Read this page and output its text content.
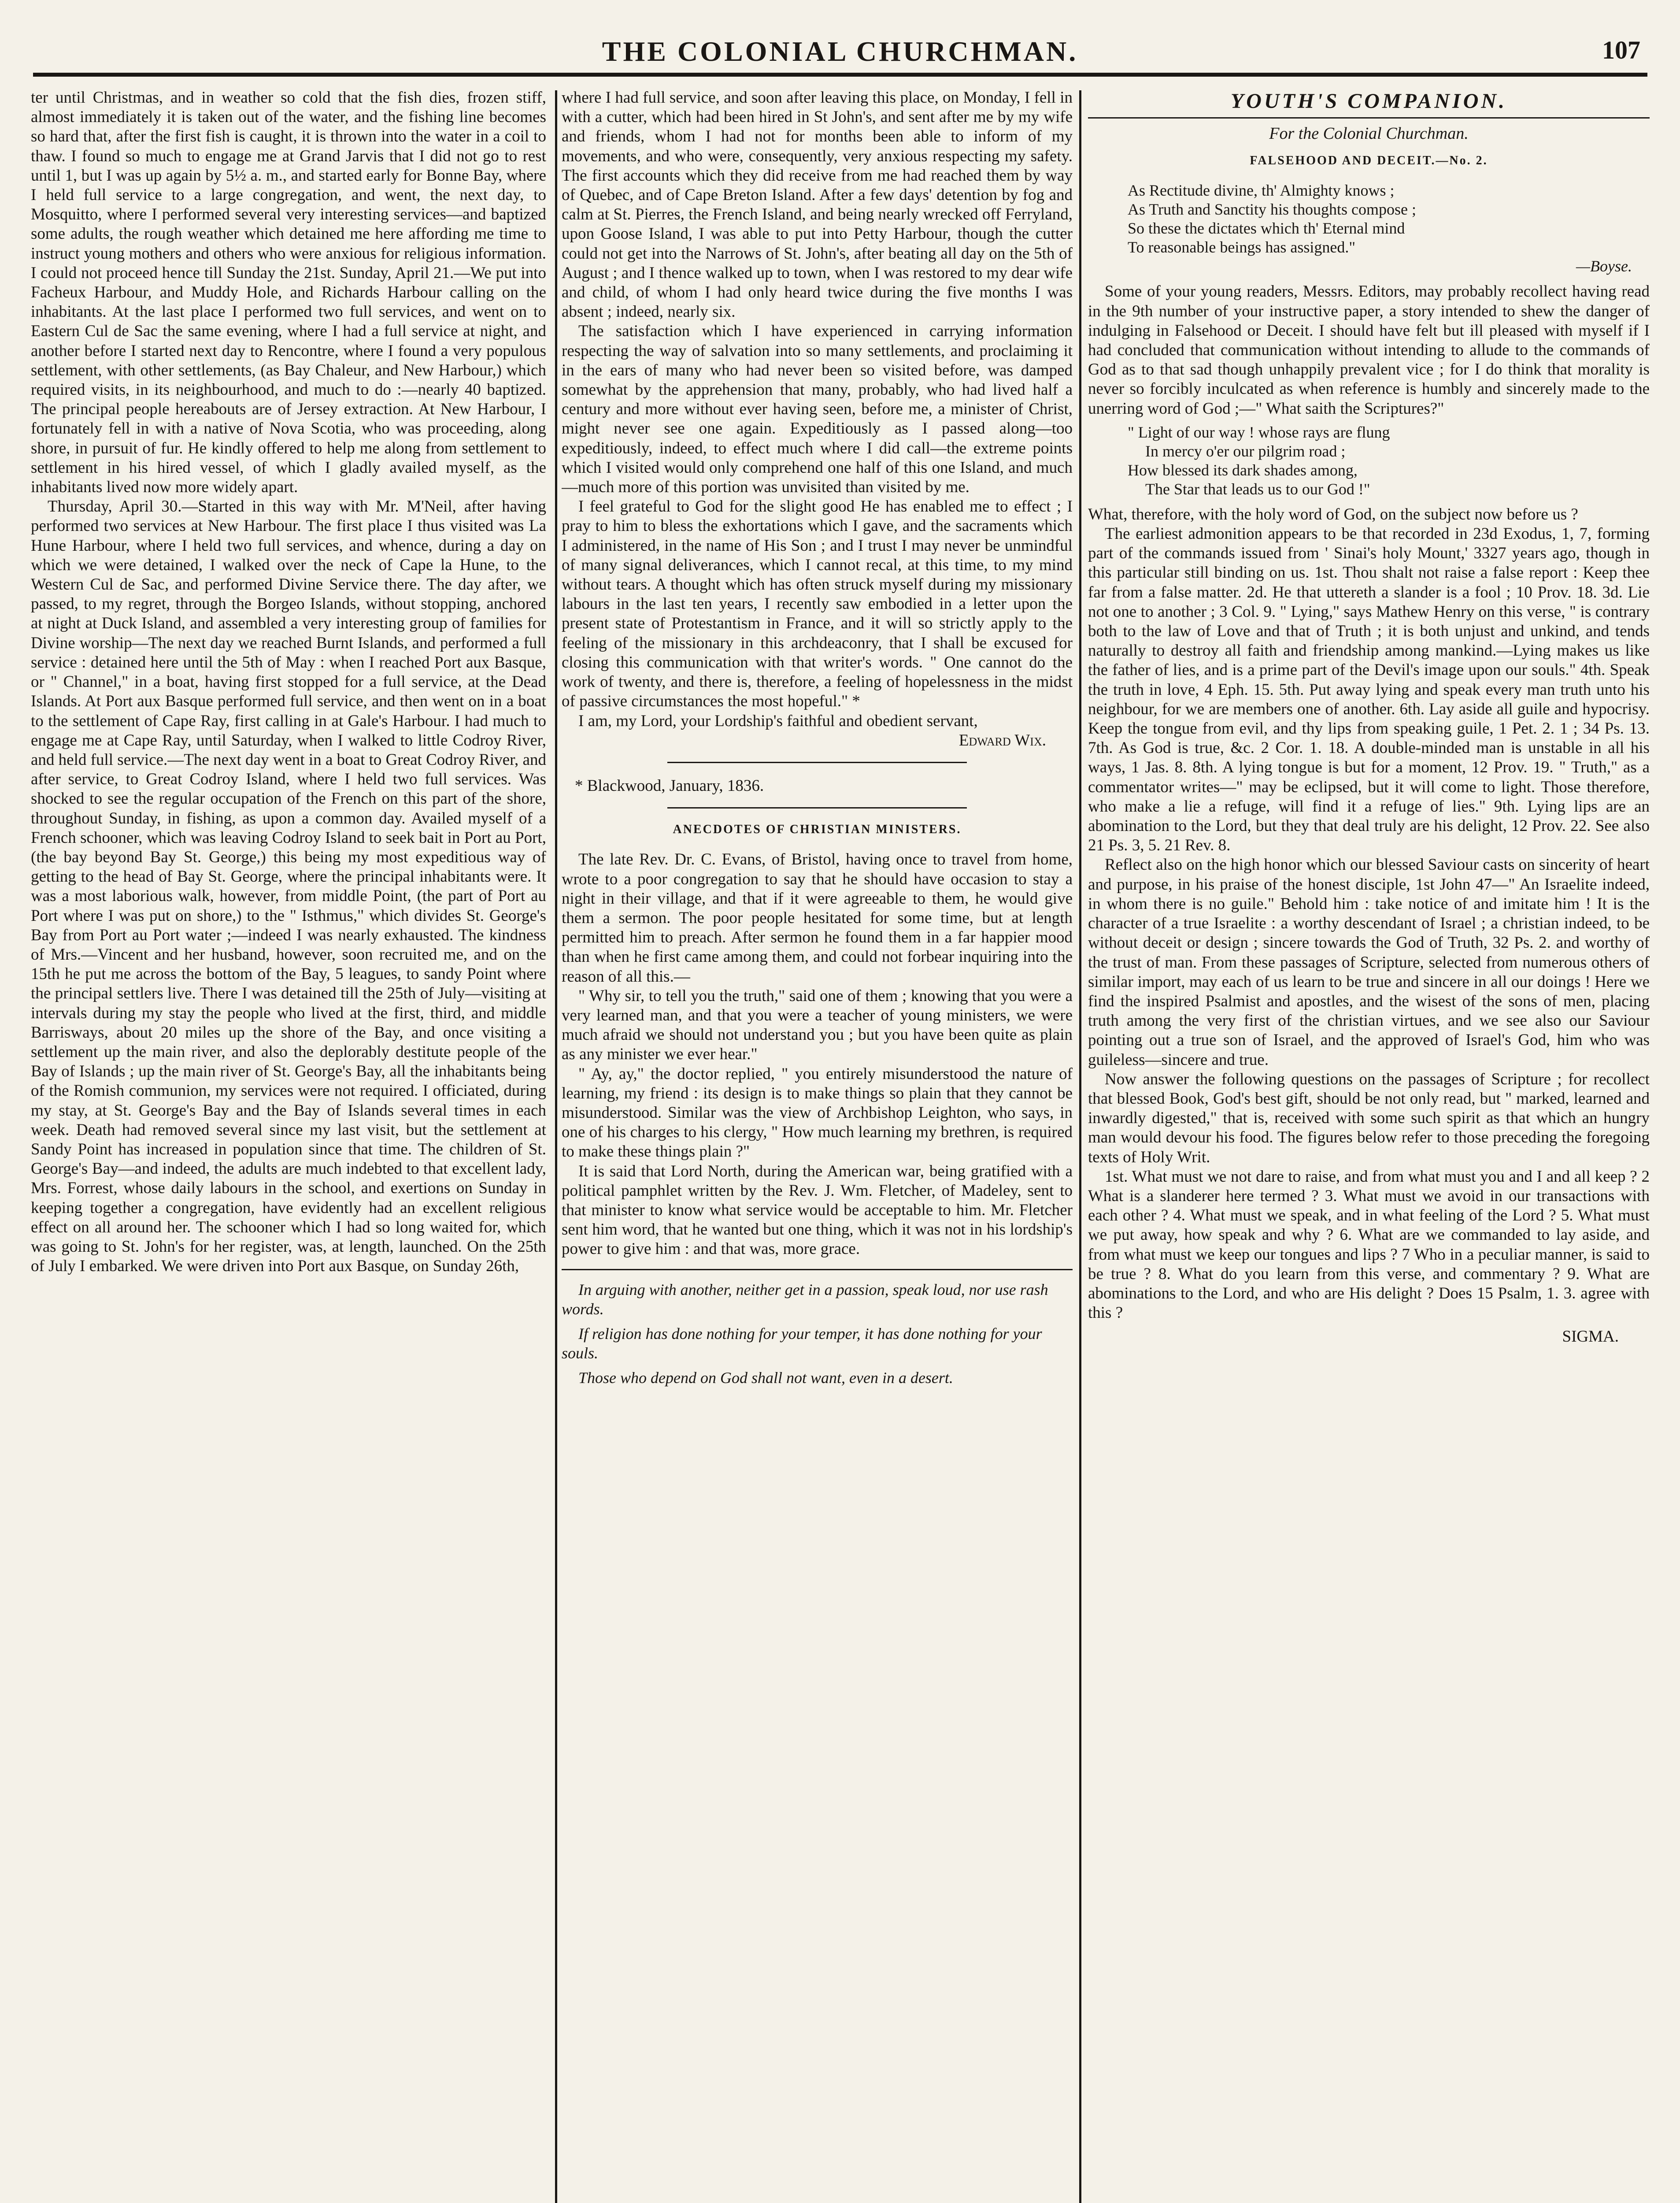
THE COLONIAL CHURCHMAN.	107

ter until Christmas, and in weather so cold that the fish dies, frozen stiff, almost immediately it is taken out of the water, and the fishing line becomes so hard that, after the first fish is caught, it is thrown into the water in a coil to thaw. I found so much to engage me at Grand Jarvis that I did not go to rest until 1, but I was up again by 5½ a. m., and started early for Bonne Bay, where I held full service to a large congregation, and went, the next day, to Mosquitto, where I performed several very interesting services—and baptized some adults, the rough weather which detained me here affording me time to instruct young mothers and others who were anxious for religious information. I could not proceed hence till Sunday the 21st. Sunday, April 21.—We put into Facheux Harbour, and Muddy Hole, and Richards Harbour calling on the inhabitants. At the last place I performed two full services, and went on to Eastern Cul de Sac the same evening, where I had a full service at night, and another before I started next day to Rencontre, where I found a very populous settlement, with other settlements, (as Bay Chaleur, and New Harbour,) which required visits, in its neighbourhood, and much to do :—nearly 40 baptized. The principal people hereabouts are of Jersey extraction. At New Harbour, I fortunately fell in with a native of Nova Scotia, who was proceeding, along shore, in pursuit of fur. He kindly offered to help me along from settlement to settlement in his hired vessel, of which I gladly availed myself, as the inhabitants lived now more widely apart.

Thursday, April 30.—Started in this way with Mr. M'Neil, after having performed two services at New Harbour. The first place I thus visited was La Hune Harbour, where I held two full services, and whence, during a day on which we were detained, I walked over the neck of Cape la Hune, to the Western Cul de Sac, and performed Divine Service there. The day after, we passed, to my regret, through the Borgeo Islands, without stopping, anchored at night at Duck Island, and assembled a very interesting group of families for Divine worship—The next day we reached Burnt Islands, and performed a full service : detained here until the 5th of May : when I reached Port aux Basque, or " Channel," in a boat, having first stopped for a full service, at the Dead Islands. At Port aux Basque performed full service, and then went on in a boat to the settlement of Cape Ray, first calling in at Gale's Harbour. I had much to engage me at Cape Ray, until Saturday, when I walked to little Codroy River, and held full service.—The next day went in a boat to Great Codroy River, and after service, to Great Codroy Island, where I held two full services. Was shocked to see the regular occupation of the French on this part of the shore, throughout Sunday, in fishing, as upon a common day. Availed myself of a French schooner, which was leaving Codroy Island to seek bait in Port au Port, (the bay beyond Bay St. George,) this being my most expeditious way of getting to the head of Bay St. George, where the principal inhabitants were. It was a most laborious walk, however, from middle Point, (the part of Port au Port where I was put on shore,) to the " Isthmus," which divides St. George's Bay from Port au Port water ;—indeed I was nearly exhausted. The kindness of Mrs.—Vincent and her husband, however, soon recruited me, and on the 15th he put me across the bottom of the Bay, 5 leagues, to sandy Point where the principal settlers live. There I was detained till the 25th of July—visiting at intervals during my stay the people who lived at the first, third, and middle Barrisways, about 20 miles up the shore of the Bay, and once visiting a settlement up the main river, and also the deplorably destitute people of the Bay of Islands ; up the main river of St. George's Bay, all the inhabitants being of the Romish communion, my services were not required. I officiated, during my stay, at St. George's Bay and the Bay of Islands several times in each week. Death had removed several since my last visit, but the settlement at Sandy Point has increased in population since that time. The children of St. George's Bay—and indeed, the adults are much indebted to that excellent lady, Mrs. Forrest, whose daily labours in the school, and exertions on Sunday in keeping together a congregation, have evidently had an excellent religious effect on all around her. The schooner which I had so long waited for, which was going to St. John's for her register, was, at length, launched. On the 25th of July I embarked. We were driven into Port aux Basque, on Sunday 26th,

where I had full service, and soon after leaving this place, on Monday, I fell in with a cutter, which had been hired in St John's, and sent after me by my wife and friends, whom I had not for months been able to inform of my movements, and who were, consequently, very anxious respecting my safety. The first accounts which they did receive from me had reached them by way of Quebec, and of Cape Breton Island. After a few days' detention by fog and calm at St. Pierres, the French Island, and being nearly wrecked off Ferryland, upon Goose Island, I was able to put into Petty Harbour, though the cutter could not get into the Narrows of St. John's, after beating all day on the 5th of August ; and I thence walked up to town, when I was restored to my dear wife and child, of whom I had only heard twice during the five months I was absent ; indeed, nearly six.

The satisfaction which I have experienced in carrying information respecting the way of salvation into so many settlements, and proclaiming it in the ears of many who had never been so visited before, was damped somewhat by the apprehension that many, probably, who had lived half a century and more without ever having seen, before me, a minister of Christ, might never see one again. Expeditiously as I passed along—too expeditiously, indeed, to effect much where I did call—the extreme points which I visited would only comprehend one half of this one Island, and much—much more of this portion was unvisited than visited by me.

I feel grateful to God for the slight good He has enabled me to effect ; I pray to him to bless the exhortations which I gave, and the sacraments which I administered, in the name of His Son ; and I trust I may never be unmindful of many signal deliverances, which I cannot recal, at this time, to my mind without tears. A thought which has often struck myself during my missionary labours in the last ten years, I recently saw embodied in a letter upon the present state of Protestantism in France, and it will so strictly apply to the feeling of the missionary in this archdeaconry, that I shall be excused for closing this communication with that writer's words. " One cannot do the work of twenty, and there is, therefore, a feeling of hopelessness in the midst of passive circumstances the most hopeful." *

I am, my Lord, your Lordship's faithful and obedient servant,

Edward Wix.

* Blackwood, January, 1836.

ANECDOTES OF CHRISTIAN MINISTERS.

The late Rev. Dr. C. Evans, of Bristol, having once to travel from home, wrote to a poor congregation to say that he should have occasion to stay a night in their village, and that if it were agreeable to them, he would give them a sermon. The poor people hesitated for some time, but at length permitted him to preach. After sermon he found them in a far happier mood than when he first came among them, and could not forbear inquiring into the reason of all this.—

" Why sir, to tell you the truth," said one of them ; knowing that you were a very learned man, and that you were a teacher of young ministers, we were much afraid we should not understand you ; but you have been quite as plain as any minister we ever hear."

" Ay, ay," the doctor replied, " you entirely misunderstood the nature of learning, my friend : its design is to make things so plain that they cannot be misunderstood. Similar was the view of Archbishop Leighton, who says, in one of his charges to his clergy, " How much learning my brethren, is required to make these things plain ?"

It is said that Lord North, during the American war, being gratified with a political pamphlet written by the Rev. J. Wm. Fletcher, of Madeley, sent to that minister to know what service would be acceptable to him. Mr. Fletcher sent him word, that he wanted but one thing, which it was not in his lordship's power to give him : and that was, more grace.

In arguing with another, neither get in a passion, speak loud, nor use rash words.

If religion has done nothing for your temper, it has done nothing for your souls.

Those who depend on God shall not want, even in a desert.

YOUTH'S COMPANION.

For the Colonial Churchman.

FALSEHOOD AND DECEIT.—No. 2.

As Rectitude divine, th' Almighty knows ;
As Truth and Sanctity his thoughts compose ;
So these the dictates which th' Eternal mind
To reasonable beings has assigned."
—Boyse.

Some of your young readers, Messrs. Editors, may probably recollect having read in the 9th number of your instructive paper, a story intended to shew the danger of indulging in Falsehood or Deceit. I should have felt but ill pleased with myself if I had concluded that communication without intending to allude to the commands of God as to that sad though unhappily prevalent vice ; for I do think that morality is never so forcibly inculcated as when reference is humbly and sincerely made to the unerring word of God ;—" What saith the Scriptures?"

" Light of our way ! whose rays are flung
In mercy o'er our pilgrim road ;
How blessed its dark shades among,
The Star that leads us to our God !"

What, therefore, with the holy word of God, on the subject now before us ?

The earliest admonition appears to be that recorded in 23d Exodus, 1, 7, forming part of the commands issued from ' Sinai's holy Mount,' 3327 years ago, though in this particular still binding on us. 1st. Thou shalt not raise a false report : Keep thee far from a false matter. 2d. He that uttereth a slander is a fool ; 10 Prov. 18. 3d. Lie not one to another ; 3 Col. 9. " Lying," says Mathew Henry on this verse, " is contrary both to the law of Love and that of Truth ; it is both unjust and unkind, and tends naturally to destroy all faith and friendship among mankind.—Lying makes us like the father of lies, and is a prime part of the Devil's image upon our souls." 4th. Speak the truth in love, 4 Eph. 15. 5th. Put away lying and speak every man truth unto his neighbour, for we are members one of another. 6th. Lay aside all guile and hypocrisy. Keep the tongue from evil, and thy lips from speaking guile, 1 Pet. 2. 1 ; 34 Ps. 13. 7th. As God is true, &c. 2 Cor. 1. 18. A double-minded man is unstable in all his ways, 1 Jas. 8. 8th. A lying tongue is but for a moment, 12 Prov. 19. " Truth," as a commentator writes—" may be eclipsed, but it will come to light. Those therefore, who make a lie a refuge, will find it a refuge of lies." 9th. Lying lips are an abomination to the Lord, but they that deal truly are his delight, 12 Prov. 22. See also 21 Ps. 3, 5. 21 Rev. 8.

Reflect also on the high honor which our blessed Saviour casts on sincerity of heart and purpose, in his praise of the honest disciple, 1st John 47—" An Israelite indeed, in whom there is no guile." Behold him : take notice of and imitate him ! It is the character of a true Israelite : a worthy descendant of Israel ; a christian indeed, to be without deceit or design ; sincere towards the God of Truth, 32 Ps. 2. and worthy of the trust of man. From these passages of Scripture, selected from numerous others of similar import, may each of us learn to be true and sincere in all our doings ! Here we find the inspired Psalmist and apostles, and the wisest of the sons of men, placing truth among the very first of the christian virtues, and we see also our Saviour pointing out a true son of Israel, and the approved of Israel's God, him who was guileless—sincere and true.

Now answer the following questions on the passages of Scripture ; for recollect that blessed Book, God's best gift, should be not only read, but " marked, learned and inwardly digested," that is, received with some such spirit as that which an hungry man would devour his food. The figures below refer to those preceding the foregoing texts of Holy Writ.

1st. What must we not dare to raise, and from what must you and I and all keep ? 2 What is a slanderer here termed ? 3. What must we avoid in our transactions with each other ? 4. What must we speak, and in what feeling of the Lord ? 5. What must we put away, how speak and why ? 6. What are we commanded to lay aside, and from what must we keep our tongues and lips ? 7 Who in a peculiar manner, is said to be true ? 8. What do you learn from this verse, and commentary ? 9. What are abominations to the Lord, and who are His delight ? Does 15 Psalm, 1. 3. agree with this ?

SIGMA.
